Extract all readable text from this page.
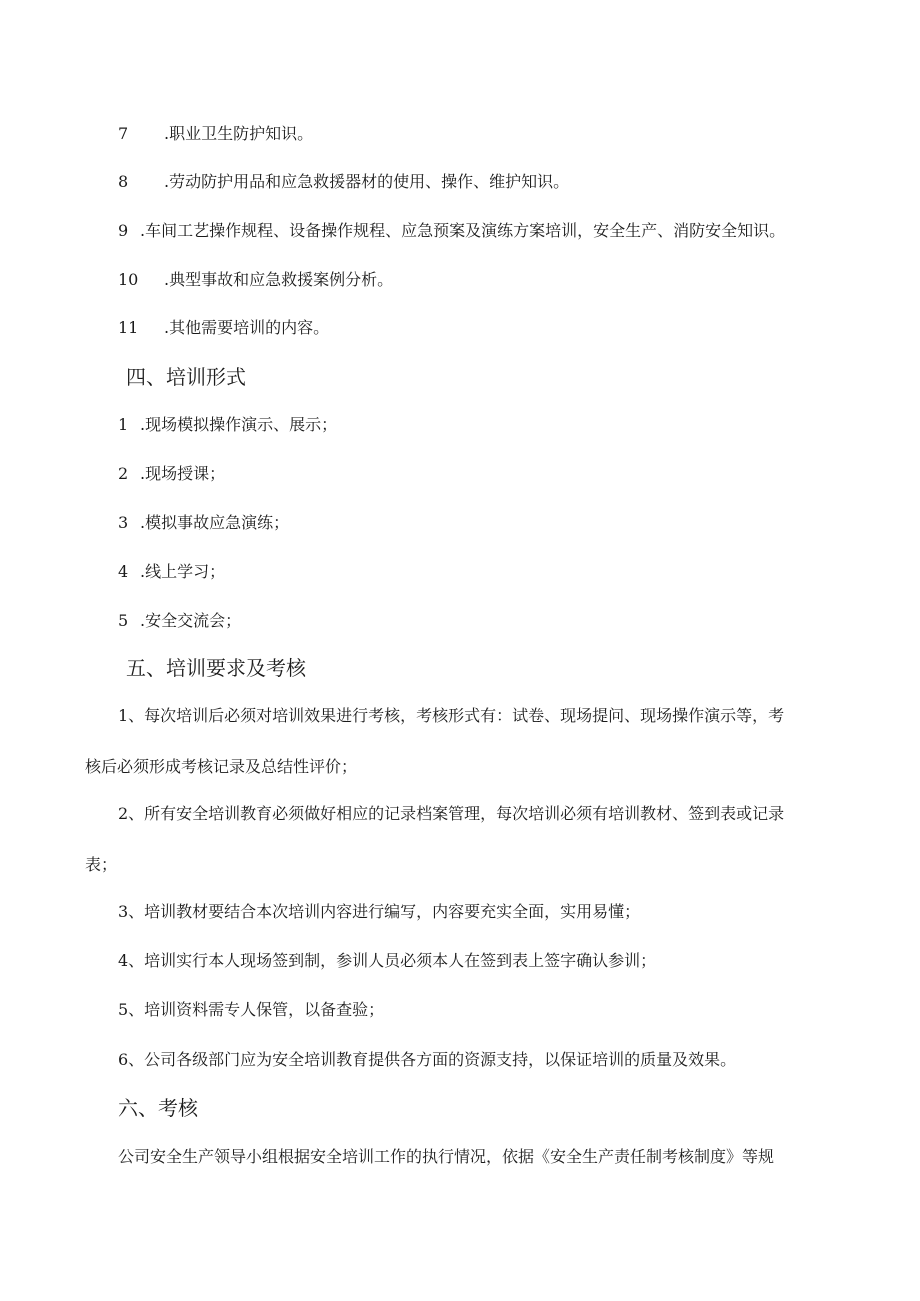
7 .职业卫生防护知识。
8 .劳动防护用品和应急救援器材的使用、操作、维护知识。
9 .车间工艺操作规程、设备操作规程、应急预案及演练方案培训，安全生产、消防安全知识。
10 .典型事故和应急救援案例分析。
11 .其他需要培训的内容。
四、培训形式
1 .现场模拟操作演示、展示；
2 .现场授课；
3 .模拟事故应急演练；
4 .线上学习；
5 .安全交流会；
五、培训要求及考核
1、每次培训后必须对培训效果进行考核，考核形式有：试卷、现场提问、现场操作演示等，考
核后必须形成考核记录及总结性评价；
2、所有安全培训教育必须做好相应的记录档案管理，每次培训必须有培训教材、签到表或记录
表；
3、培训教材要结合本次培训内容进行编写，内容要充实全面，实用易懂；
4、培训实行本人现场签到制，参训人员必须本人在签到表上签字确认参训；
5、培训资料需专人保管，以备查验；
6、公司各级部门应为安全培训教育提供各方面的资源支持，以保证培训的质量及效果。
六、考核
公司安全生产领导小组根据安全培训工作的执行情况，依据《安全生产责任制考核制度》等规
